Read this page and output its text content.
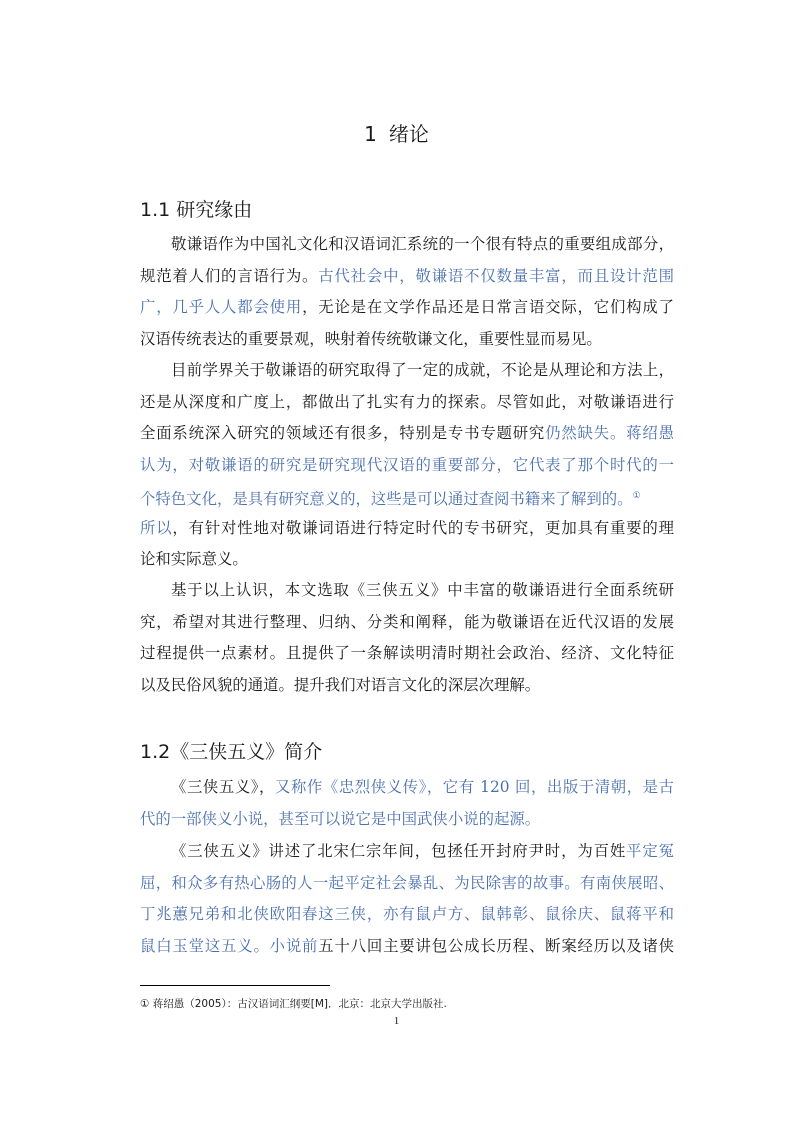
1 绪论
1.1 研究缘由
敬谦语作为中国礼文化和汉语词汇系统的一个很有特点的重要组成部分，
规范着人们的言语行为。古代社会中，敬谦语不仅数量丰富，而且设计范围
广，几乎人人都会使用，无论是在文学作品还是日常言语交际，它们构成了
汉语传统表达的重要景观，映射着传统敬谦文化，重要性显而易见。
目前学界关于敬谦语的研究取得了一定的成就，不论是从理论和方法上，
还是从深度和广度上，都做出了扎实有力的探索。尽管如此，对敬谦语进行
全面系统深入研究的领域还有很多，特别是专书专题研究仍然缺失。蒋绍愚
认为，对敬谦语的研究是研究现代汉语的重要部分，它代表了那个时代的一
个特色文化，是具有研究意义的，这些是可以通过查阅书籍来了解到的。①
所以，有针对性地对敬谦词语进行特定时代的专书研究，更加具有重要的理
论和实际意义。
基于以上认识，本文选取《三侠五义》中丰富的敬谦语进行全面系统研
究，希望对其进行整理、归纳、分类和阐释，能为敬谦语在近代汉语的发展
过程提供一点素材。且提供了一条解读明清时期社会政治、经济、文化特征
以及民俗风貌的通道。提升我们对语言文化的深层次理解。
1.2《三侠五义》简介
《三侠五义》，又称作《忠烈侠义传》，它有 120 回，出版于清朝，是古
代的一部侠义小说，甚至可以说它是中国武侠小说的起源。
《三侠五义》讲述了北宋仁宗年间，包拯任开封府尹时，为百姓平定冤
屈，和众多有热心肠的人一起平定社会暴乱、为民除害的故事。有南侠展昭、
丁兆蕙兄弟和北侠欧阳春这三侠，亦有鼠卢方、鼠韩彰、鼠徐庆、鼠蒋平和
鼠白玉堂这五义。小说前五十八回主要讲包公成长历程、断案经历以及诸侠
① 蒋绍愚（2005）：古汉语词汇纲要[M]．北京：北京大学出版社.
1
